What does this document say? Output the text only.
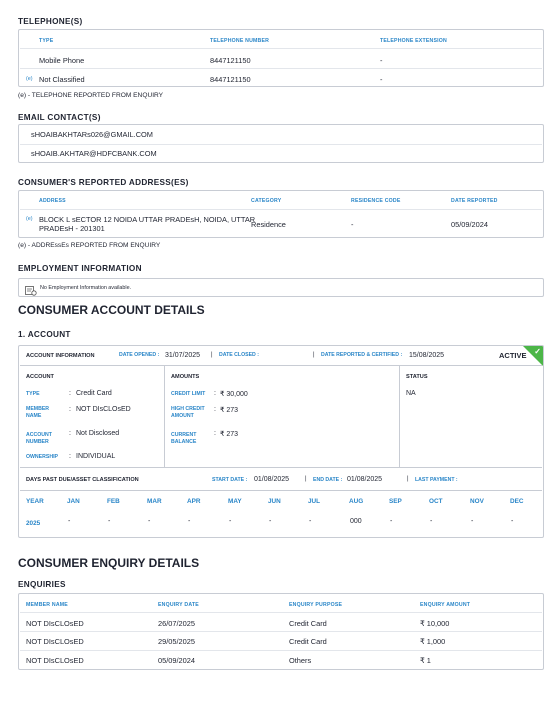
TELEPHONE(S)
TYPE	TELEPHONE NUMBER	TELEPHONE EXTENSION
Mobile Phone	8447121150	-
(e) Not Classified	8447121150	-
(e) - TELEPHONE REPORTED FROM ENQUIRY
EMAIL CONTACT(S)
sHOAIBAKHTARs026@GMAIL.COM
sHOAIB.AKHTAR@HDFCBANK.COM
CONSUMER'S REPORTED ADDRESS(ES)
ADDRESS	CATEGORY	RESIDENCE CODE	DATE REPORTED
(e) BLOCK L sECTOR 12 NOIDA UTTAR PRADEsH, NOIDA, UTTAR
PRADEsH - 201301	Residence	-	05/09/2024
(e) - ADDREssEs REPORTED FROM ENQUIRY
EMPLOYMENT INFORMATION
No Employment Information available.
CONSUMER ACCOUNT DETAILS
1. ACCOUNT
ACCOUNT INFORMATION	DATE OPENED : 31/07/2025 | DATE CLOSED :	| DATE REPORTED & CERTIFIED : 15/08/2025	ACTIVE ✓
ACCOUNT
TYPE	: Credit Card
MEMBER
NAME
: NOT DIsCLOsED
ACCOUNT
NUMBER
: Not Disclosed
OWNERSHIP : INDIVIDUAL
AMOUNTS
CREDIT LIMIT : ₹ 30,000
HIGH CREDIT
AMOUNT
: ₹ 273
CURRENT
BALANCE
: ₹ 273
STATUS
NA
DAYS PAST DUE/ASSET CLASSIFICATION	START DATE : 01/08/2025	| END DATE : 01/08/2025	| LAST PAYMENT :
YEAR	JAN	FEB	MAR	APR	MAY	JUN	JUL	AUG	SEP	OCT	NOV	DEC
2025	-	-	-	-	-	-	-	000	-	-	-	-
CONSUMER ENQUIRY DETAILS
ENQUIRIES
MEMBER NAME	ENQUIRY DATE	ENQUIRY PURPOSE	ENQUIRY AMOUNT
NOT DIsCLOsED	26/07/2025	Credit Card	₹ 10,000
NOT DIsCLOsED	29/05/2025	Credit Card	₹ 1,000
NOT DIsCLOsED	05/09/2024	Others	₹ 1
